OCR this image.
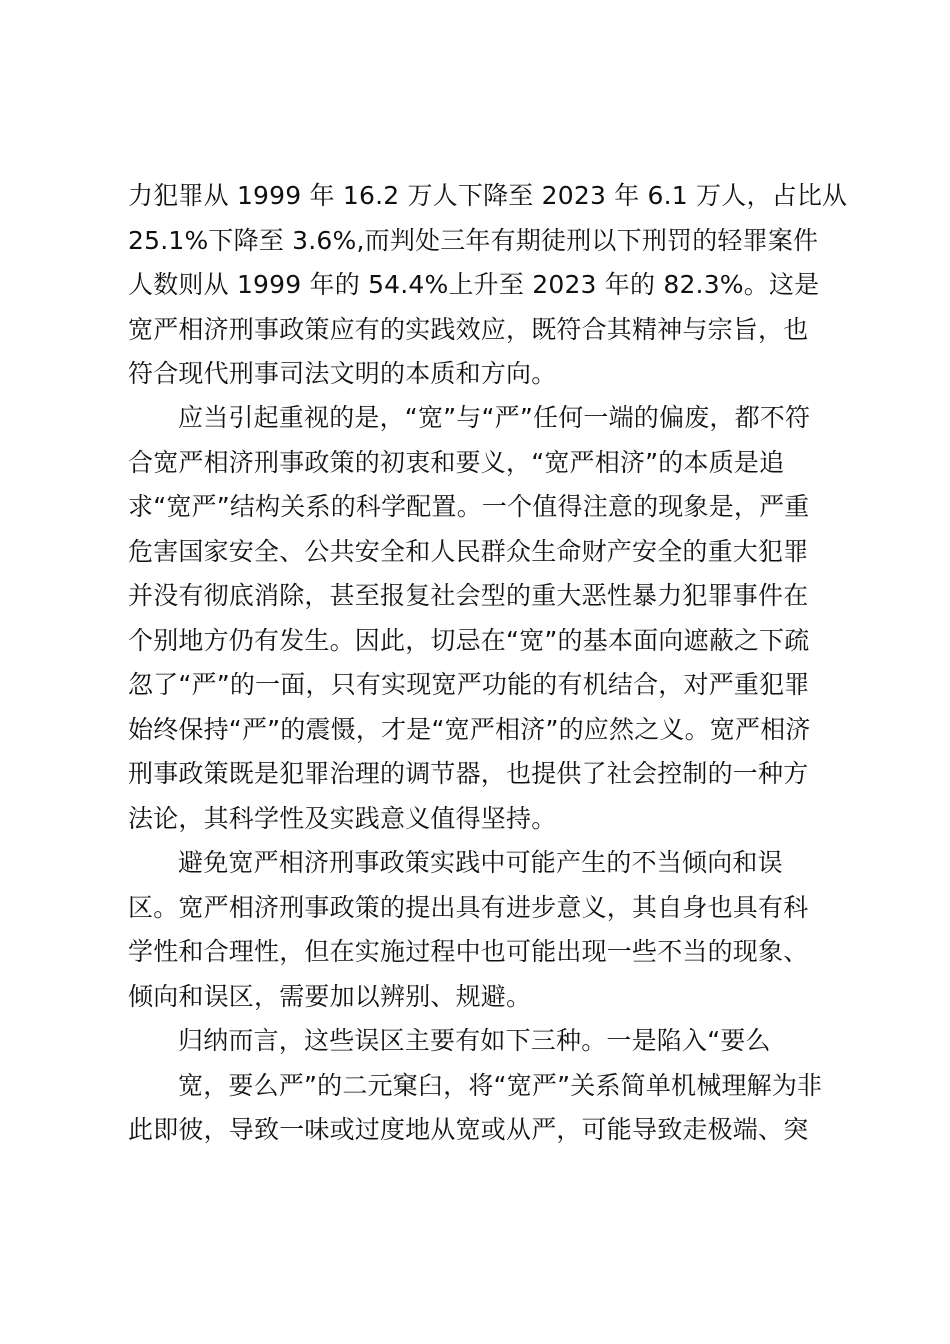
力犯罪从 1999 年 16.2 万人下降至 2023 年 6.1 万人，占比从
25.1%下降至 3.6%,而判处三年有期徒刑以下刑罚的轻罪案件
人数则从 1999 年的 54.4%上升至 2023 年的 82.3%。这是
宽严相济刑事政策应有的实践效应，既符合其精神与宗旨，也
符合现代刑事司法文明的本质和方向。
应当引起重视的是，“宽”与“严”任何一端的偏废，都不符
合宽严相济刑事政策的初衷和要义，“宽严相济”的本质是追
求“宽严”结构关系的科学配置。一个值得注意的现象是，严重
危害国家安全、公共安全和人民群众生命财产安全的重大犯罪
并没有彻底消除，甚至报复社会型的重大恶性暴力犯罪事件在
个别地方仍有发生。因此，切忌在“宽”的基本面向遮蔽之下疏
忽了“严”的一面，只有实现宽严功能的有机结合，对严重犯罪
始终保持“严”的震慑，才是“宽严相济”的应然之义。宽严相济
刑事政策既是犯罪治理的调节器，也提供了社会控制的一种方
法论，其科学性及实践意义值得坚持。
避免宽严相济刑事政策实践中可能产生的不当倾向和误
区。宽严相济刑事政策的提出具有进步意义，其自身也具有科
学性和合理性，但在实施过程中也可能出现一些不当的现象、
倾向和误区，需要加以辨别、规避。
归纳而言，这些误区主要有如下三种。一是陷入“要么
宽，要么严”的二元窠臼，将“宽严”关系简单机械理解为非
此即彼，导致一味或过度地从宽或从严，可能导致走极端、突
